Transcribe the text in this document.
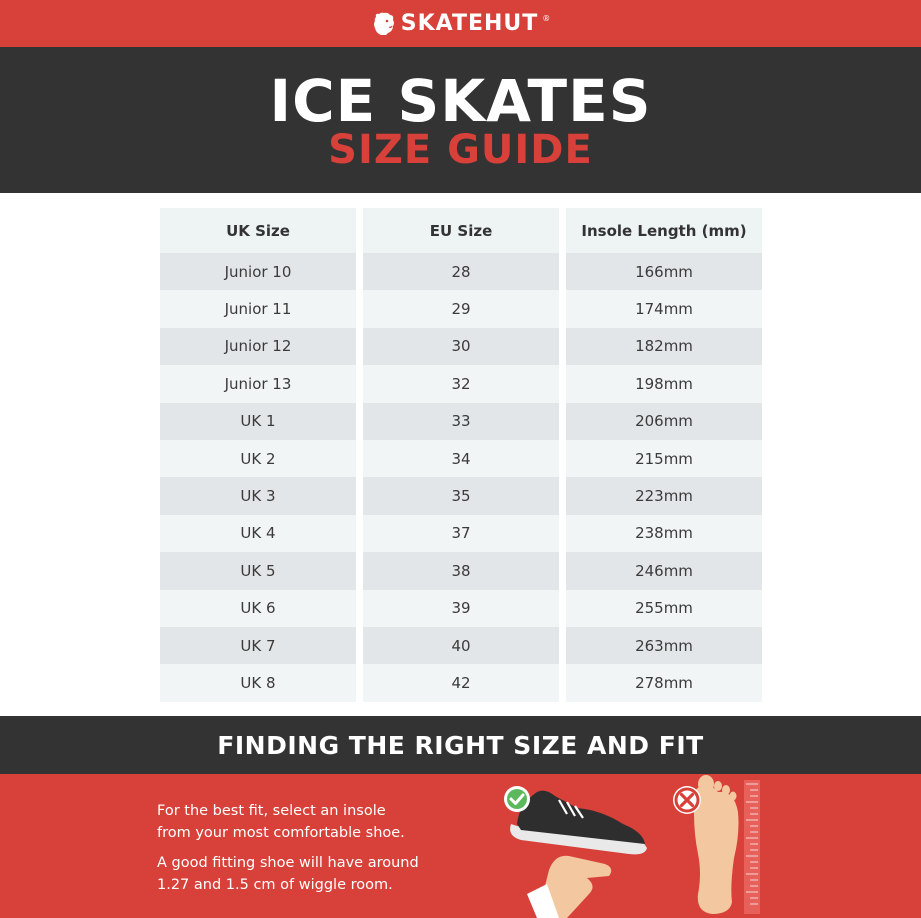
SKATEHUT ®
ICE SKATES
SIZE GUIDE
UK Size	EU Size	Insole Length (mm)
Junior 10	28	166mm
Junior 11	29	174mm
Junior 12	30	182mm
Junior 13	32	198mm
UK 1	33	206mm
UK 2	34	215mm
UK 3	35	223mm
UK 4	37	238mm
UK 5	38	246mm
UK 6	39	255mm
UK 7	40	263mm
UK 8	42	278mm
FINDING THE RIGHT SIZE AND FIT
For the best fit, select an insole
from your most comfortable shoe.
A good fitting shoe will have around
1.27 and 1.5 cm of wiggle room.
